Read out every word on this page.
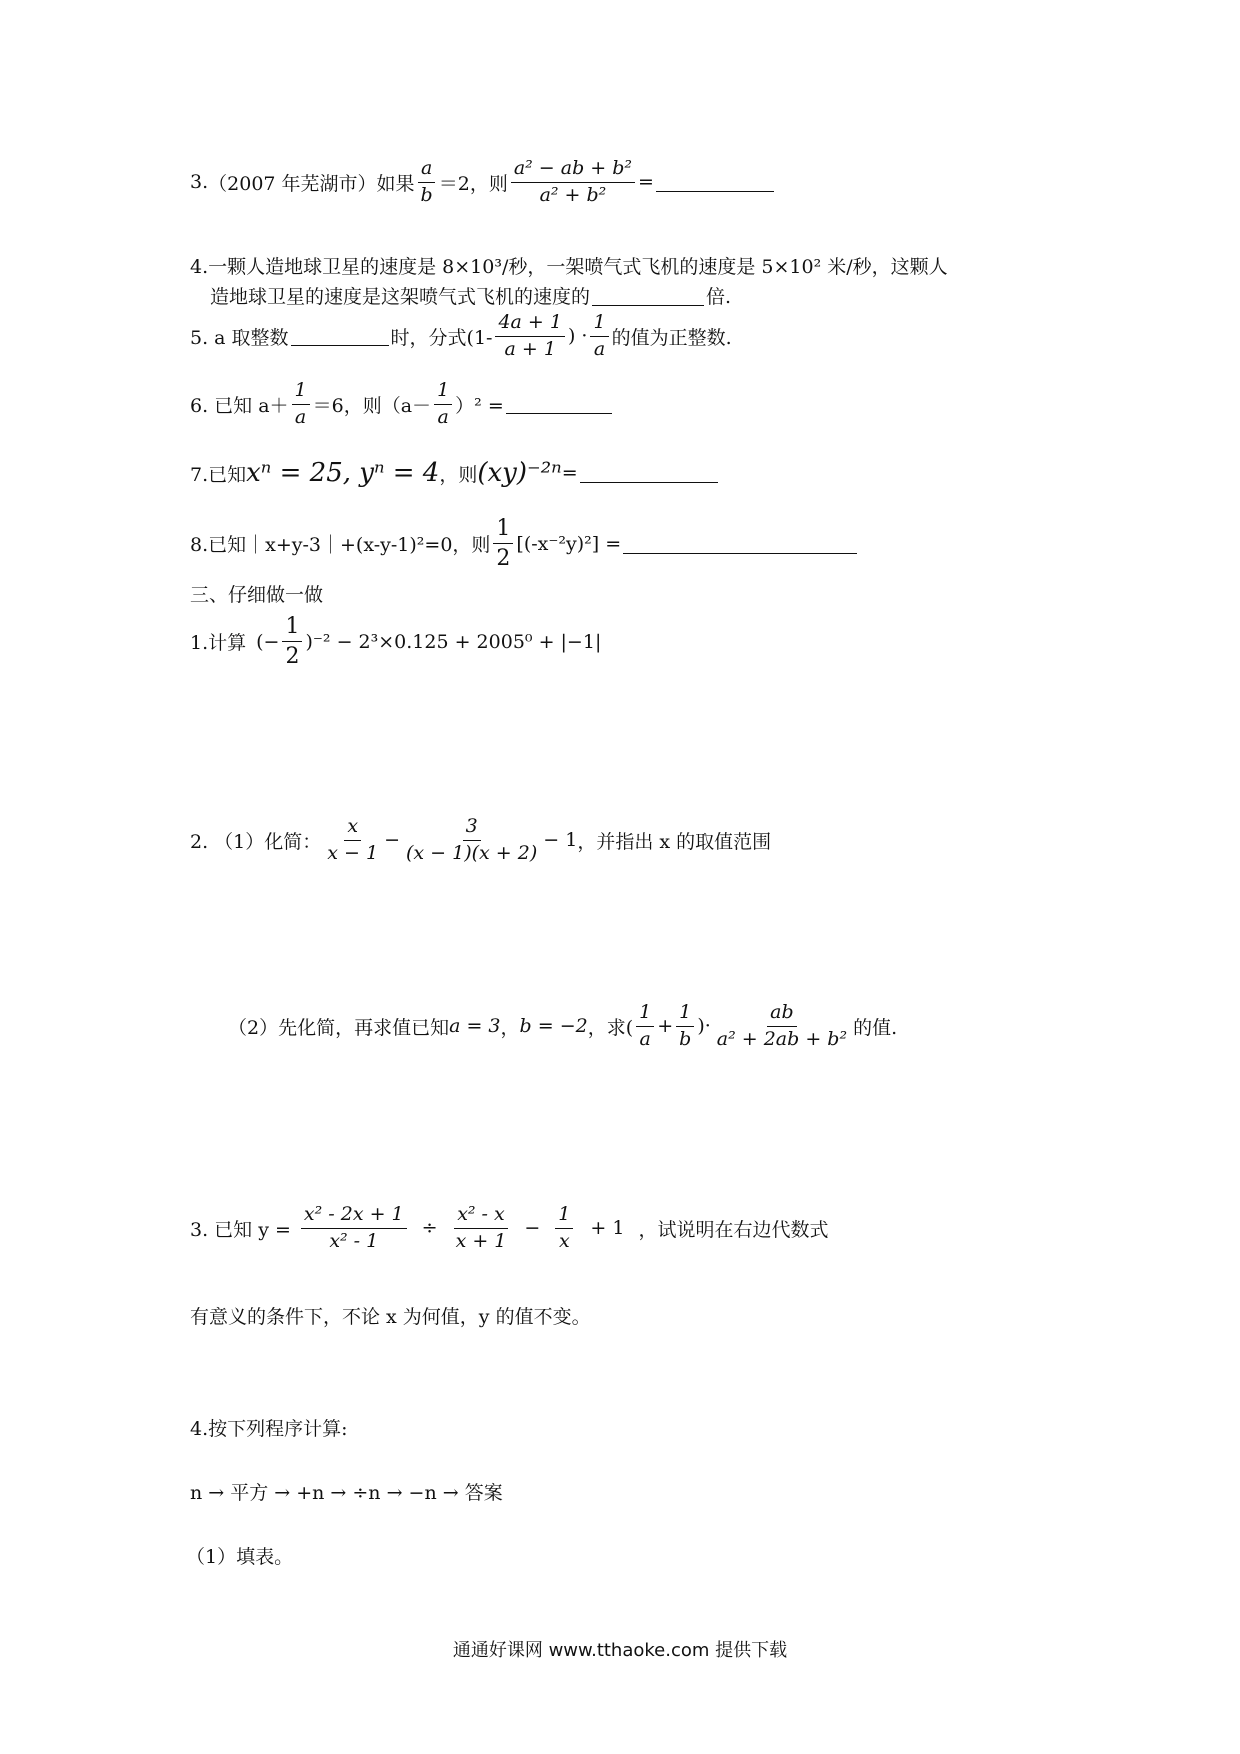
3. （2007 年芜湖市）如果 $\frac{a}{b} =2$ ，则 $\frac{\text{a² − ab + b²}}{\text{a² + b²}}$ =
4.一颗人造地球卫星的速度是 8×10³/秒，一架喷气式飞机的速度是 5×10² 米/秒，这颗人
造地球卫星的速度是这架喷气式飞机的速度的	倍.
5. a 取整数	时，分式($1- \frac{4a + 1}{a + 1}$ ) · $\frac{1}{a}$ 的值为正整数.
6. 已知 $a+ \frac{1}{a} =6$，则$(a- \frac{1}{a} )^2$ =
7.已知 xⁿ = 25, yⁿ = 4 ，则 (xy)⁻²ⁿ =
8.已知｜x+y-3｜+(x-y-1)²=0，则 $\frac{1}{2} [(-x^{-2}y)^2]$ =
三、仔细做一做
1.计算 (− $\frac{1}{2} )^{-2} - 2^3\times 0.125 + 2005^0 + |-1|$
2. （1）化简： $\frac{x}{x - 1} - \frac{3}{(x - 1)(x + 2)} - 1$ ，并指出 x 的取值范围
（2）先化简，再求值已知 a = 3 ， b = −2 ，求( $\frac{1}{a} + \frac{1}{b}$ )· $\frac{ab}{\text{a² + 2ab + b²}}$ 的值.
3. 已知 $y = \frac{\text{x² - 2x + 1}}{\text{x² - 1}} \div \frac{\text{x² - x}}{x + 1} - \frac{1}{x} + 1$ ，试说明在右边代数式
有意义的条件下，不论 x 为何值，y 的值不变。
4.按下列程序计算:
n → 平方 → +n → ÷n → −n → 答案
（1）填表。
通通好课网 www.tthaoke.com 提供下载
